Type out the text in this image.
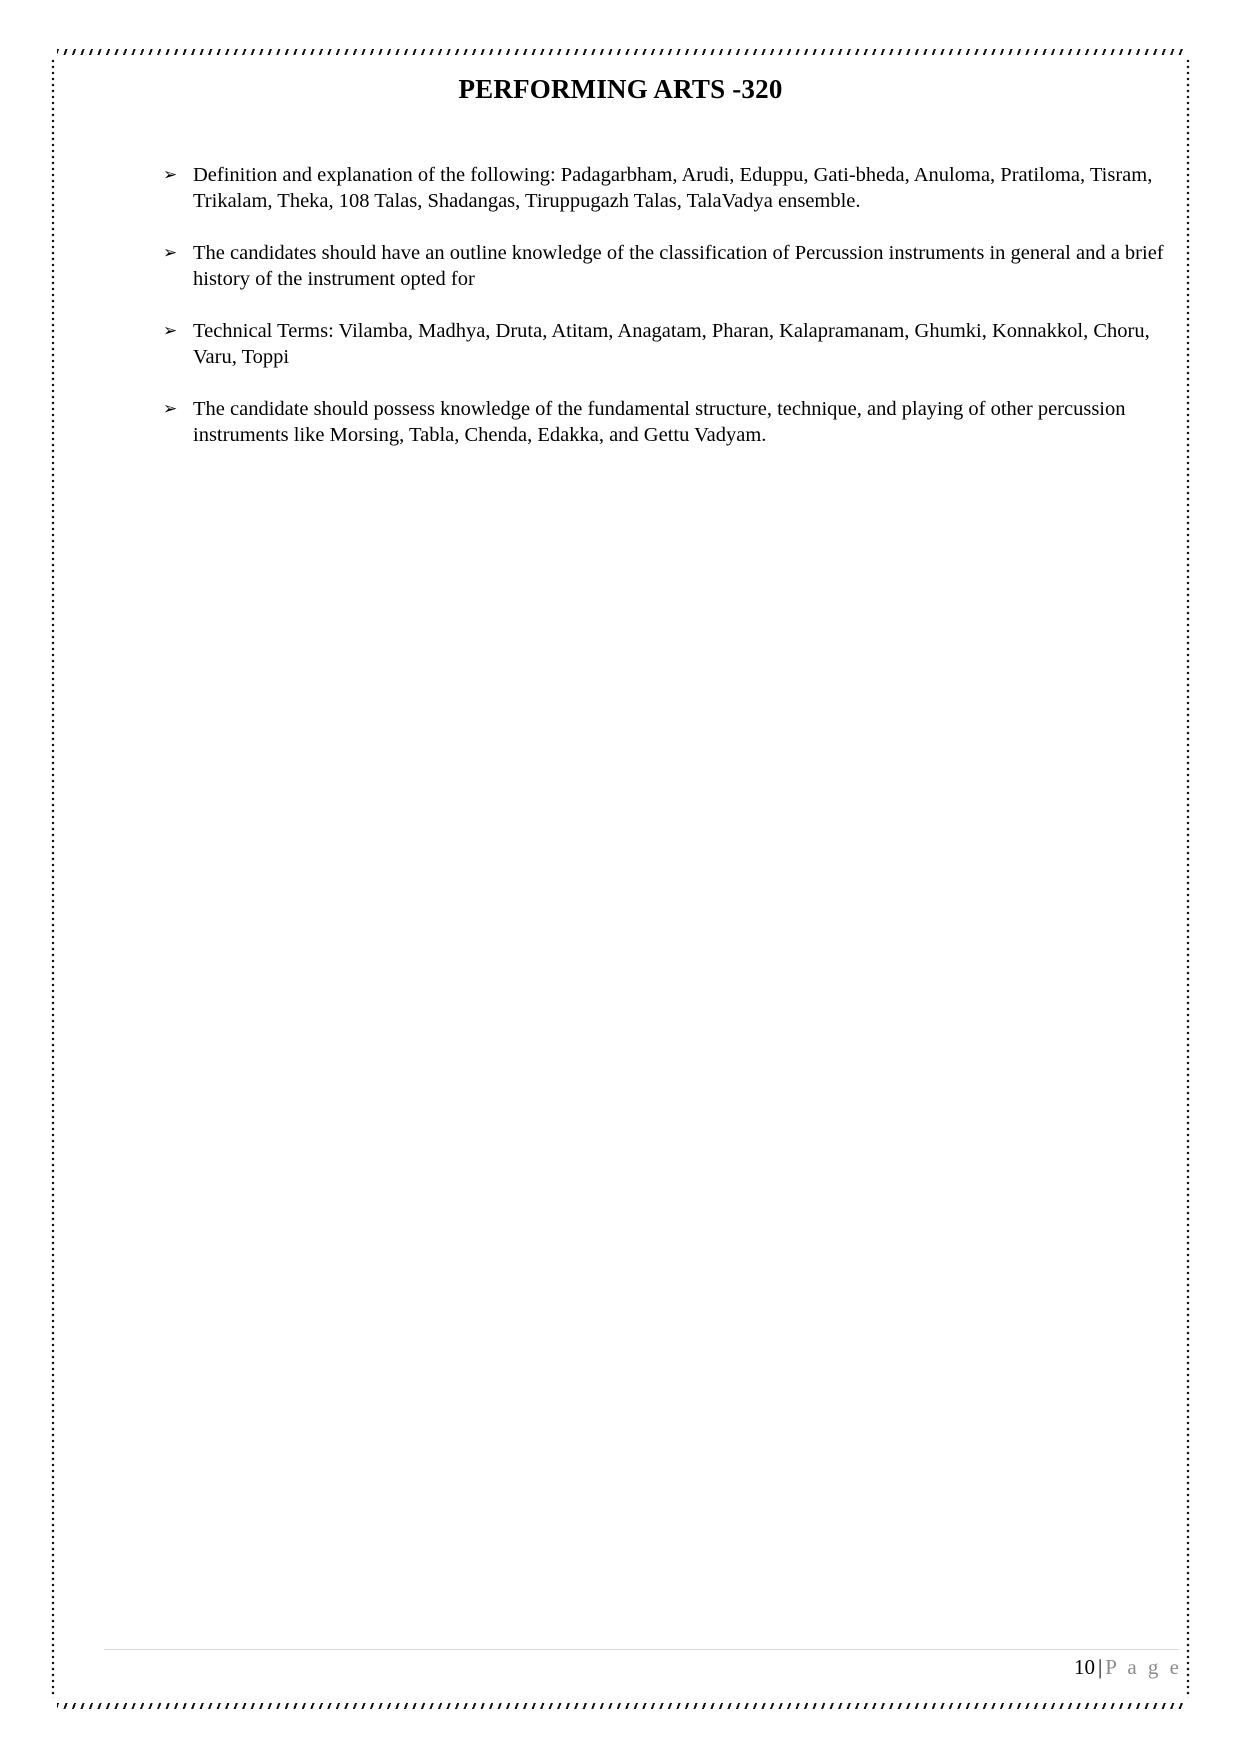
PERFORMING ARTS -320
➢ Definition and explanation of the following: Padagarbham, Arudi, Eduppu, Gati-bheda, Anuloma, Pratiloma, Tisram, Trikalam, Theka, 108 Talas, Shadangas, Tiruppugazh Talas, TalaVadya ensemble.
➢ The candidates should have an outline knowledge of the classification of Percussion instruments in general and a brief history of the instrument opted for
➢ Technical Terms: Vilamba, Madhya, Druta, Atitam, Anagatam, Pharan, Kalapramanam, Ghumki, Konnakkol, Choru, Varu, Toppi
➢ The candidate should possess knowledge of the fundamental structure, technique, and playing of other percussion instruments like Morsing, Tabla, Chenda, Edakka, and Gettu Vadyam.
10 | P a g e
